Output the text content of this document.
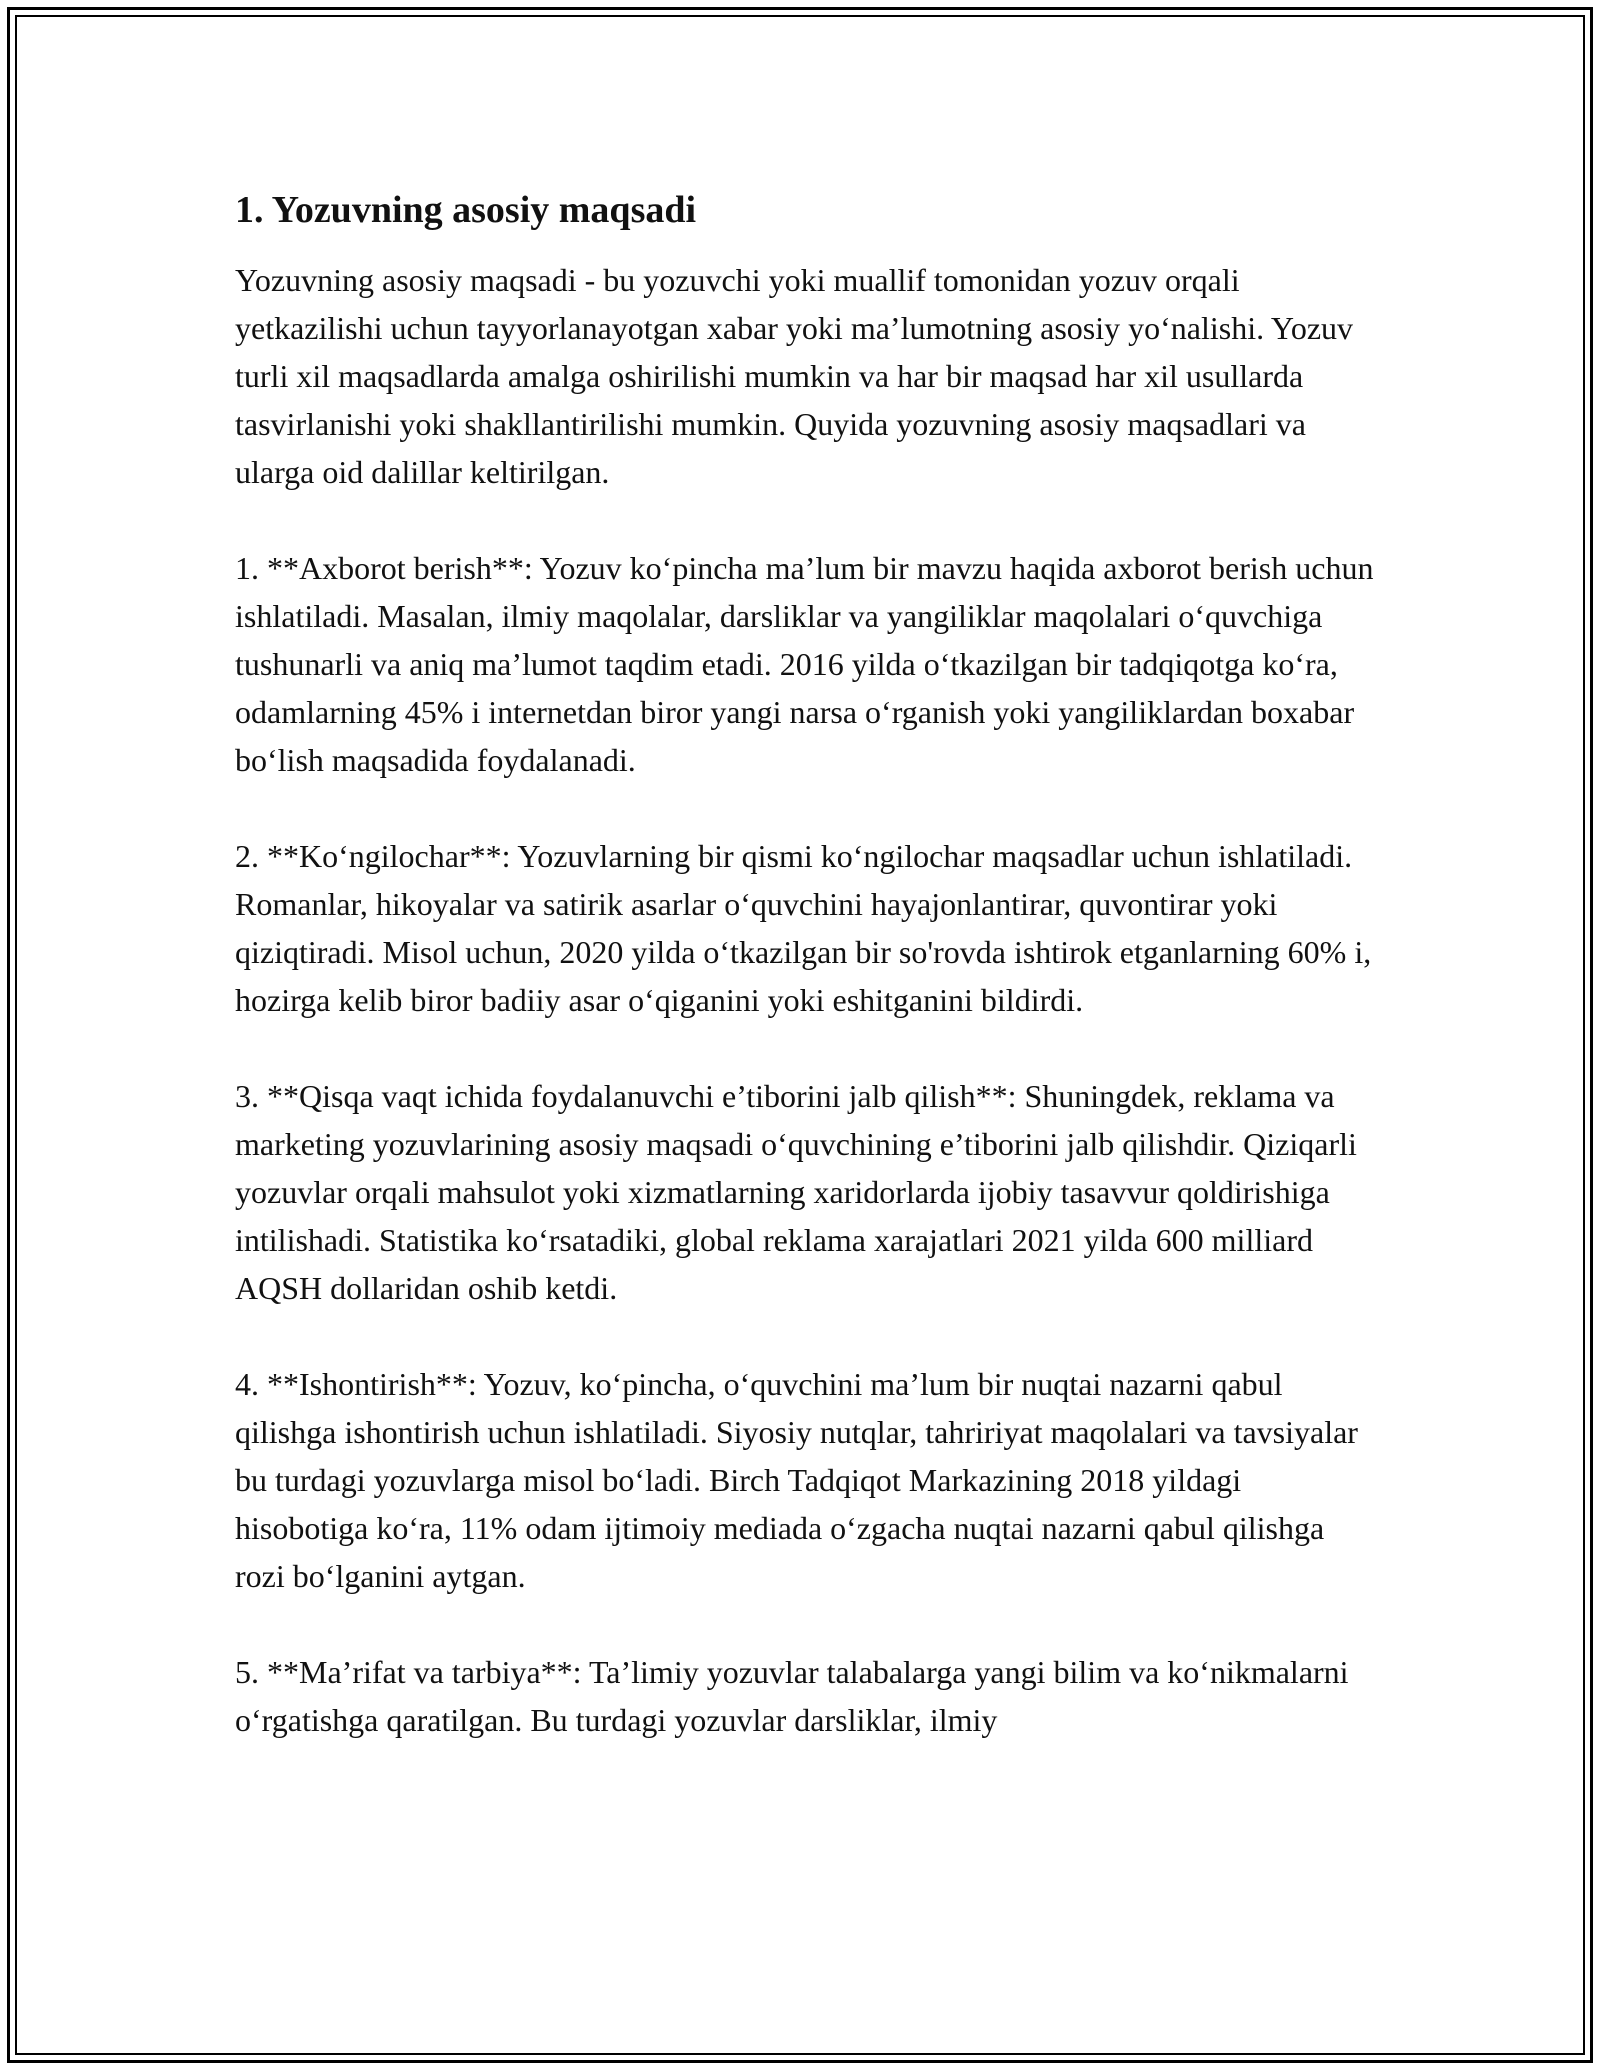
1. Yozuvning asosiy maqsadi

Yozuvning asosiy maqsadi - bu yozuvchi yoki muallif tomonidan yozuv orqali yetkazilishi uchun tayyorlanayotgan xabar yoki ma’lumotning asosiy yo‘nalishi. Yozuv turli xil maqsadlarda amalga oshirilishi mumkin va har bir maqsad har xil usullarda tasvirlanishi yoki shakllantirilishi mumkin. Quyida yozuvning asosiy maqsadlari va ularga oid dalillar keltirilgan.

1. **Axborot berish**: Yozuv ko‘pincha ma’lum bir mavzu haqida axborot berish uchun ishlatiladi. Masalan, ilmiy maqolalar, darsliklar va yangiliklar maqolalari o‘quvchiga tushunarli va aniq ma’lumot taqdim etadi. 2016 yilda o‘tkazilgan bir tadqiqotga ko‘ra, odamlarning 45% i internetdan biror yangi narsa o‘rganish yoki yangiliklardan boxabar bo‘lish maqsadida foydalanadi.

2. **Ko‘ngilochar**: Yozuvlarning bir qismi ko‘ngilochar maqsadlar uchun ishlatiladi. Romanlar, hikoyalar va satirik asarlar o‘quvchini hayajonlantirar, quvontirar yoki qiziqtiradi. Misol uchun, 2020 yilda o‘tkazilgan bir so'rovda ishtirok etganlarning 60% i, hozirga kelib biror badiiy asar o‘qiganini yoki eshitganini bildirdi.

3. **Qisqa vaqt ichida foydalanuvchi e’tiborini jalb qilish**: Shuningdek, reklama va marketing yozuvlarining asosiy maqsadi o‘quvchining e’tiborini jalb qilishdir. Qiziqarli yozuvlar orqali mahsulot yoki xizmatlarning xaridorlarda ijobiy tasavvur qoldirishiga intilishadi. Statistika ko‘rsatadiki, global reklama xarajatlari 2021 yilda 600 milliard AQSH dollaridan oshib ketdi.

4. **Ishontirish**: Yozuv, ko‘pincha, o‘quvchini ma’lum bir nuqtai nazarni qabul qilishga ishontirish uchun ishlatiladi. Siyosiy nutqlar, tahririyat maqolalari va tavsiyalar bu turdagi yozuvlarga misol bo‘ladi. Birch Tadqiqot Markazining 2018 yildagi hisobotiga ko‘ra, 11% odam ijtimoiy mediada o‘zgacha nuqtai nazarni qabul qilishga rozi bo‘lganini aytgan.

5. **Ma’rifat va tarbiya**: Ta’limiy yozuvlar talabalarga yangi bilim va ko‘nikmalarni o‘rgatishga qaratilgan. Bu turdagi yozuvlar darsliklar, ilmiy
